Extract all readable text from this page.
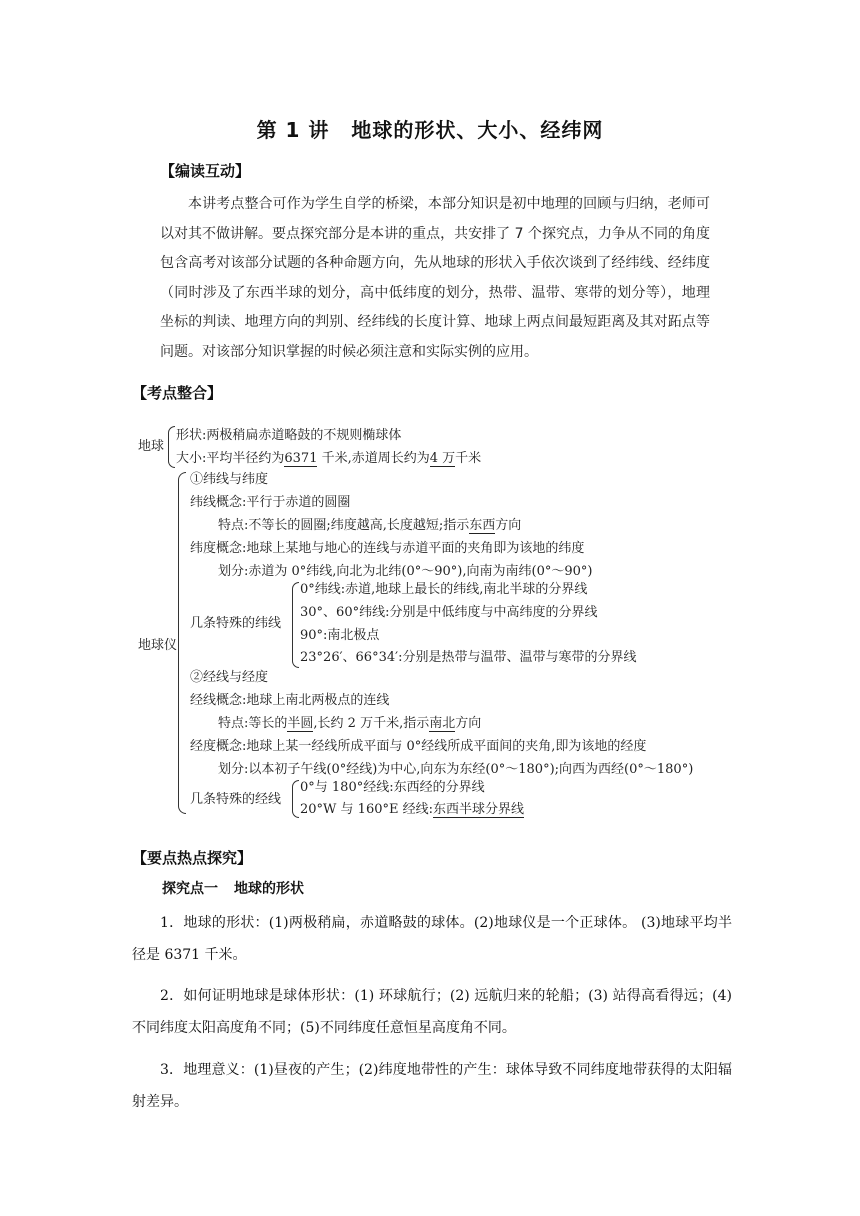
第 1 讲 地球的形状、大小、经纬网
【编读互动】
本讲考点整合可作为学生自学的桥梁，本部分知识是初中地理的回顾与归纳，老师可以对其不做讲解。要点探究部分是本讲的重点，共安排了 7 个探究点，力争从不同的角度包含高考对该部分试题的各种命题方向，先从地球的形状入手依次谈到了经纬线、经纬度（同时涉及了东西半球的划分，高中低纬度的划分，热带、温带、寒带的划分等），地理坐标的判读、地理方向的判别、经纬线的长度计算、地球上两点间最短距离及其对跖点等问题。对该部分知识掌握的时候必须注意和实际实例的应用。
【考点整合】
地球
形状:两极稍扁赤道略鼓的不规则椭球体
大小:平均半径约为6371 千米,赤道周长约为4 万千米
地球仪
①纬线与纬度
纬线概念:平行于赤道的圆圈
特点:不等长的圆圈;纬度越高,长度越短;指示东西方向
纬度概念:地球上某地与地心的连线与赤道平面的夹角即为该地的纬度
划分:赤道为 0°纬线,向北为北纬(0°～90°),向南为南纬(0°～90°)
几条特殊的纬线
0°纬线:赤道,地球上最长的纬线,南北半球的分界线
30°、60°纬线:分别是中低纬度与中高纬度的分界线
90°:南北极点
23°26′、66°34′:分别是热带与温带、温带与寒带的分界线
②经线与经度
经线概念:地球上南北两极点的连线
特点:等长的半圆,长约 2 万千米,指示南北方向
经度概念:地球上某一经线所成平面与 0°经线所成平面间的夹角,即为该地的经度
划分:以本初子午线(0°经线)为中心,向东为东经(0°～180°);向西为西经(0°～180°)
几条特殊的经线
0°与 180°经线:东西经的分界线
20°W 与 160°E 经线:东西半球分界线
【要点热点探究】
探究点一 地球的形状
1．地球的形状：(1)两极稍扁，赤道略鼓的球体。(2)地球仪是一个正球体。 (3)地球平均半径是 6371 千米。
2．如何证明地球是球体形状：(1) 环球航行；(2) 远航归来的轮船；(3) 站得高看得远；(4)不同纬度太阳高度角不同；(5)不同纬度任意恒星高度角不同。
3．地理意义：(1)昼夜的产生；(2)纬度地带性的产生：球体导致不同纬度地带获得的太阳辐射差异。
